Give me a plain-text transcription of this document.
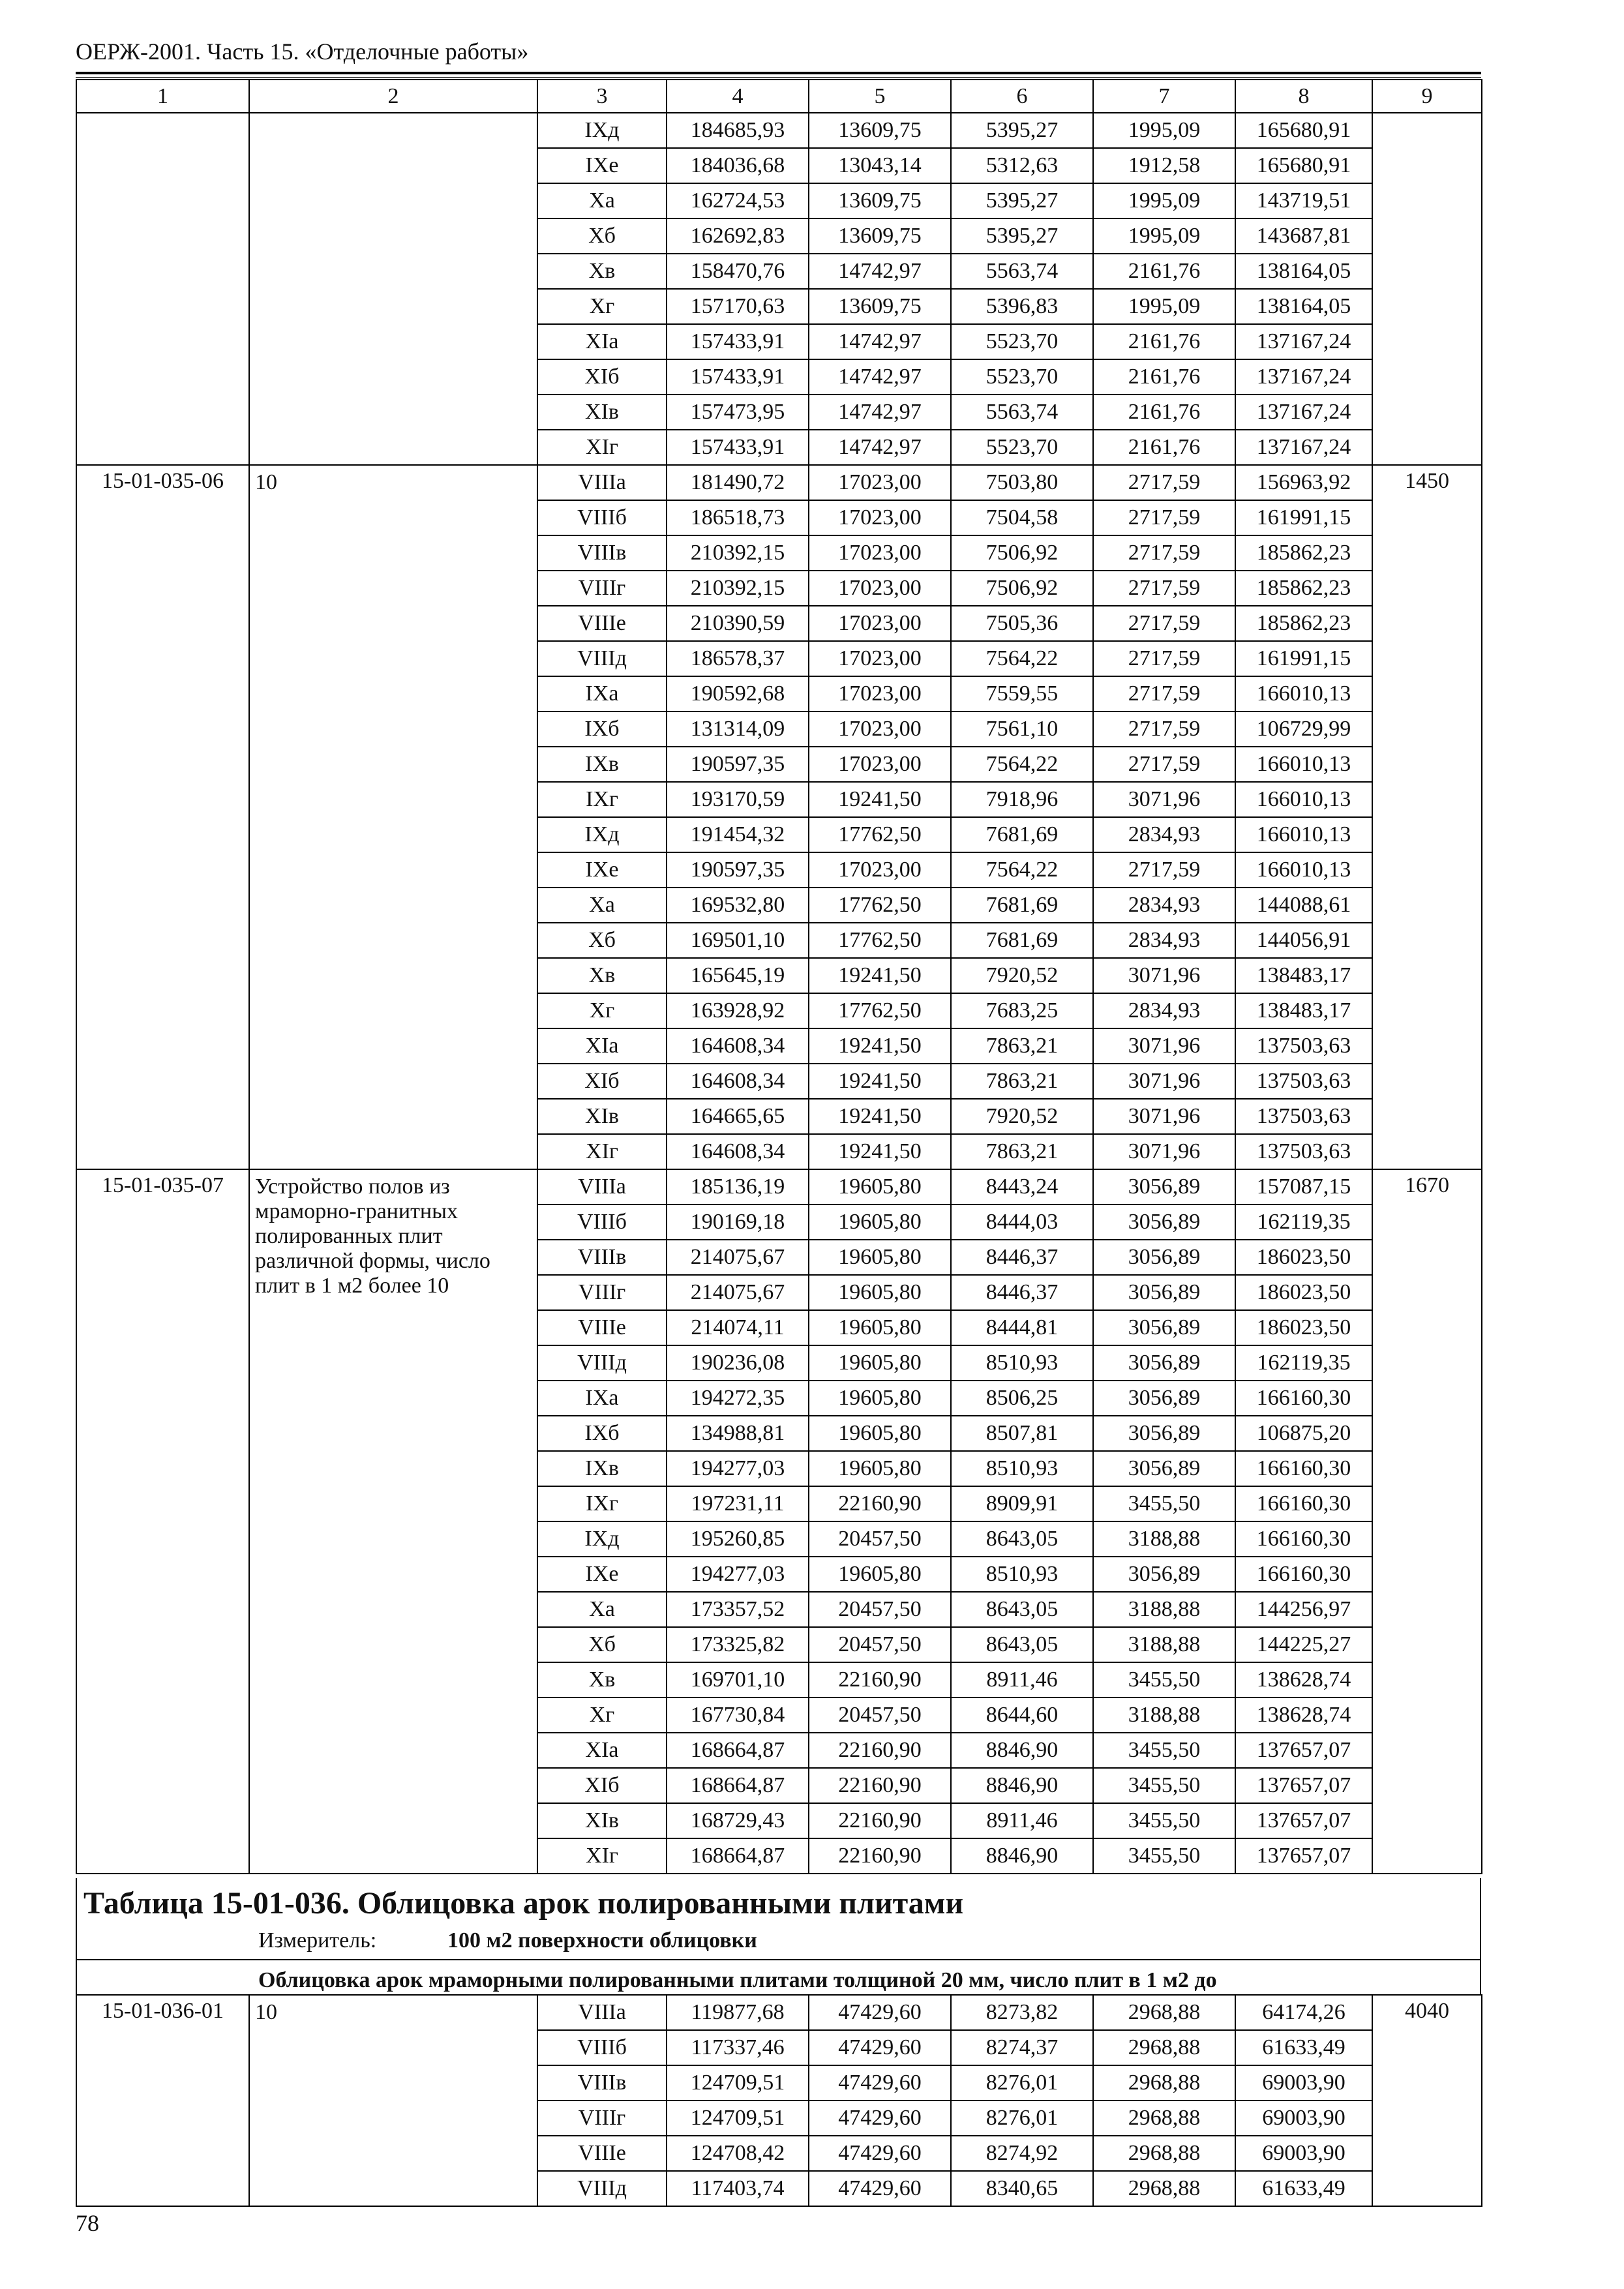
ОЕРЖ-2001. Часть 15. «Отделочные работы»
1	2	3	4	5	6	7	8	9
		IXд	184685,93	13609,75	5395,27	1995,09	165680,91	
		IXе	184036,68	13043,14	5312,63	1912,58	165680,91	
		Xа	162724,53	13609,75	5395,27	1995,09	143719,51	
		Xб	162692,83	13609,75	5395,27	1995,09	143687,81	
		Xв	158470,76	14742,97	5563,74	2161,76	138164,05	
		Xг	157170,63	13609,75	5396,83	1995,09	138164,05	
		XIа	157433,91	14742,97	5523,70	2161,76	137167,24	
		XIб	157433,91	14742,97	5523,70	2161,76	137167,24	
		XIв	157473,95	14742,97	5563,74	2161,76	137167,24	
		XIг	157433,91	14742,97	5523,70	2161,76	137167,24	
15-01-035-06	10	VIIIа	181490,72	17023,00	7503,80	2717,59	156963,92	1450
		VIIIб	186518,73	17023,00	7504,58	2717,59	161991,15	
		VIIIв	210392,15	17023,00	7506,92	2717,59	185862,23	
		VIIIг	210392,15	17023,00	7506,92	2717,59	185862,23	
		VIIIе	210390,59	17023,00	7505,36	2717,59	185862,23	
		VIIIд	186578,37	17023,00	7564,22	2717,59	161991,15	
		IXа	190592,68	17023,00	7559,55	2717,59	166010,13	
		IXб	131314,09	17023,00	7561,10	2717,59	106729,99	
		IXв	190597,35	17023,00	7564,22	2717,59	166010,13	
		IXг	193170,59	19241,50	7918,96	3071,96	166010,13	
		IXд	191454,32	17762,50	7681,69	2834,93	166010,13	
		IXе	190597,35	17023,00	7564,22	2717,59	166010,13	
		Xа	169532,80	17762,50	7681,69	2834,93	144088,61	
		Xб	169501,10	17762,50	7681,69	2834,93	144056,91	
		Xв	165645,19	19241,50	7920,52	3071,96	138483,17	
		Xг	163928,92	17762,50	7683,25	2834,93	138483,17	
		XIа	164608,34	19241,50	7863,21	3071,96	137503,63	
		XIб	164608,34	19241,50	7863,21	3071,96	137503,63	
		XIв	164665,65	19241,50	7920,52	3071,96	137503,63	
		XIг	164608,34	19241,50	7863,21	3071,96	137503,63	
15-01-035-07	Устройство полов из мраморно-гранитных полированных плит различной формы, число плит в 1 м2 более 10	VIIIа	185136,19	19605,80	8443,24	3056,89	157087,15	1670
		VIIIб	190169,18	19605,80	8444,03	3056,89	162119,35	
		VIIIв	214075,67	19605,80	8446,37	3056,89	186023,50	
		VIIIг	214075,67	19605,80	8446,37	3056,89	186023,50	
		VIIIе	214074,11	19605,80	8444,81	3056,89	186023,50	
		VIIIд	190236,08	19605,80	8510,93	3056,89	162119,35	
		IXа	194272,35	19605,80	8506,25	3056,89	166160,30	
		IXб	134988,81	19605,80	8507,81	3056,89	106875,20	
		IXв	194277,03	19605,80	8510,93	3056,89	166160,30	
		IXг	197231,11	22160,90	8909,91	3455,50	166160,30	
		IXд	195260,85	20457,50	8643,05	3188,88	166160,30	
		IXе	194277,03	19605,80	8510,93	3056,89	166160,30	
		Xа	173357,52	20457,50	8643,05	3188,88	144256,97	
		Xб	173325,82	20457,50	8643,05	3188,88	144225,27	
		Xв	169701,10	22160,90	8911,46	3455,50	138628,74	
		Xг	167730,84	20457,50	8644,60	3188,88	138628,74	
		XIа	168664,87	22160,90	8846,90	3455,50	137657,07	
		XIб	168664,87	22160,90	8846,90	3455,50	137657,07	
		XIв	168729,43	22160,90	8911,46	3455,50	137657,07	
		XIг	168664,87	22160,90	8846,90	3455,50	137657,07	
Таблица 15-01-036. Облицовка арок полированными плитами
Измеритель:	100 м2 поверхности облицовки
Облицовка арок мраморными полированными плитами толщиной 20 мм, число плит в 1 м2 до
15-01-036-01	10	VIIIа	119877,68	47429,60	8273,82	2968,88	64174,26	4040
		VIIIб	117337,46	47429,60	8274,37	2968,88	61633,49	
		VIIIв	124709,51	47429,60	8276,01	2968,88	69003,90	
		VIIIг	124709,51	47429,60	8276,01	2968,88	69003,90	
		VIIIе	124708,42	47429,60	8274,92	2968,88	69003,90	
		VIIIд	117403,74	47429,60	8340,65	2968,88	61633,49	
78
